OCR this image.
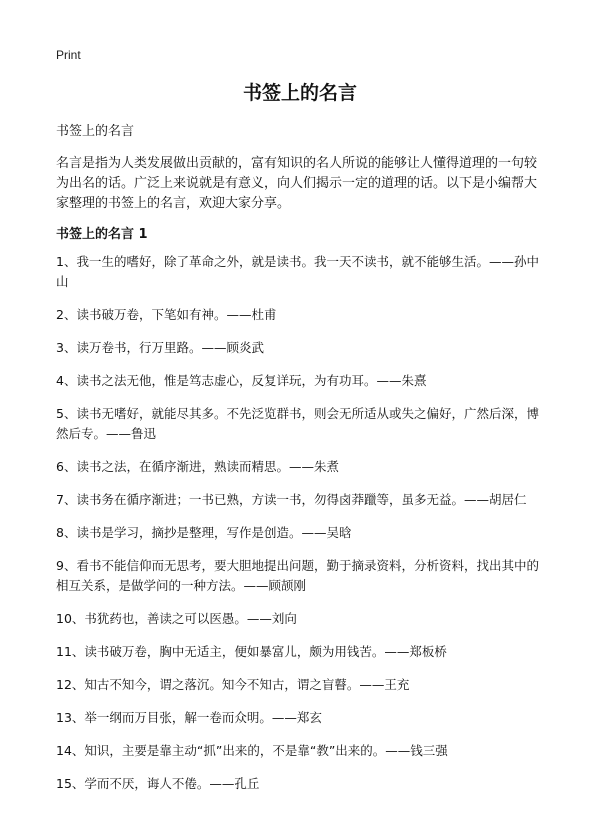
Print
书签上的名言

书签上的名言

名言是指为人类发展做出贡献的，富有知识的名人所说的能够让人懂得道理的一句较为出名的话。广泛上来说就是有意义，向人们揭示一定的道理的话。以下是小编帮大家整理的书签上的名言，欢迎大家分享。

书签上的名言 1
1、我一生的嗜好，除了革命之外，就是读书。我一天不读书，就不能够生活。——孙中山
2、读书破万卷，下笔如有神。——杜甫
3、读万卷书，行万里路。——顾炎武
4、读书之法无他，惟是笃志虚心，反复详玩，为有功耳。——朱熹
5、读书无嗜好，就能尽其多。不先泛览群书，则会无所适从或失之偏好，广然后深，博然后专。——鲁迅
6、读书之法，在循序渐进，熟读而精思。——朱煮
7、读书务在循序渐进；一书已熟，方读一书，勿得卤莽躐等，虽多无益。——胡居仁
8、读书是学习，摘抄是整理，写作是创造。——吴晗
9、看书不能信仰而无思考，要大胆地提出问题，勤于摘录资料，分析资料，找出其中的相互关系，是做学问的一种方法。——顾颉刚
10、书犹药也，善读之可以医愚。——刘向
11、读书破万卷，胸中无适主，便如暴富儿，颇为用钱苦。——郑板桥
12、知古不知今，谓之落沉。知今不知古，谓之盲瞽。——王充
13、举一纲而万目张，解一卷而众明。——郑玄
14、知识，主要是靠主动“抓”出来的，不是靠“教”出来的。——钱三强
15、学而不厌，诲人不倦。——孔丘
